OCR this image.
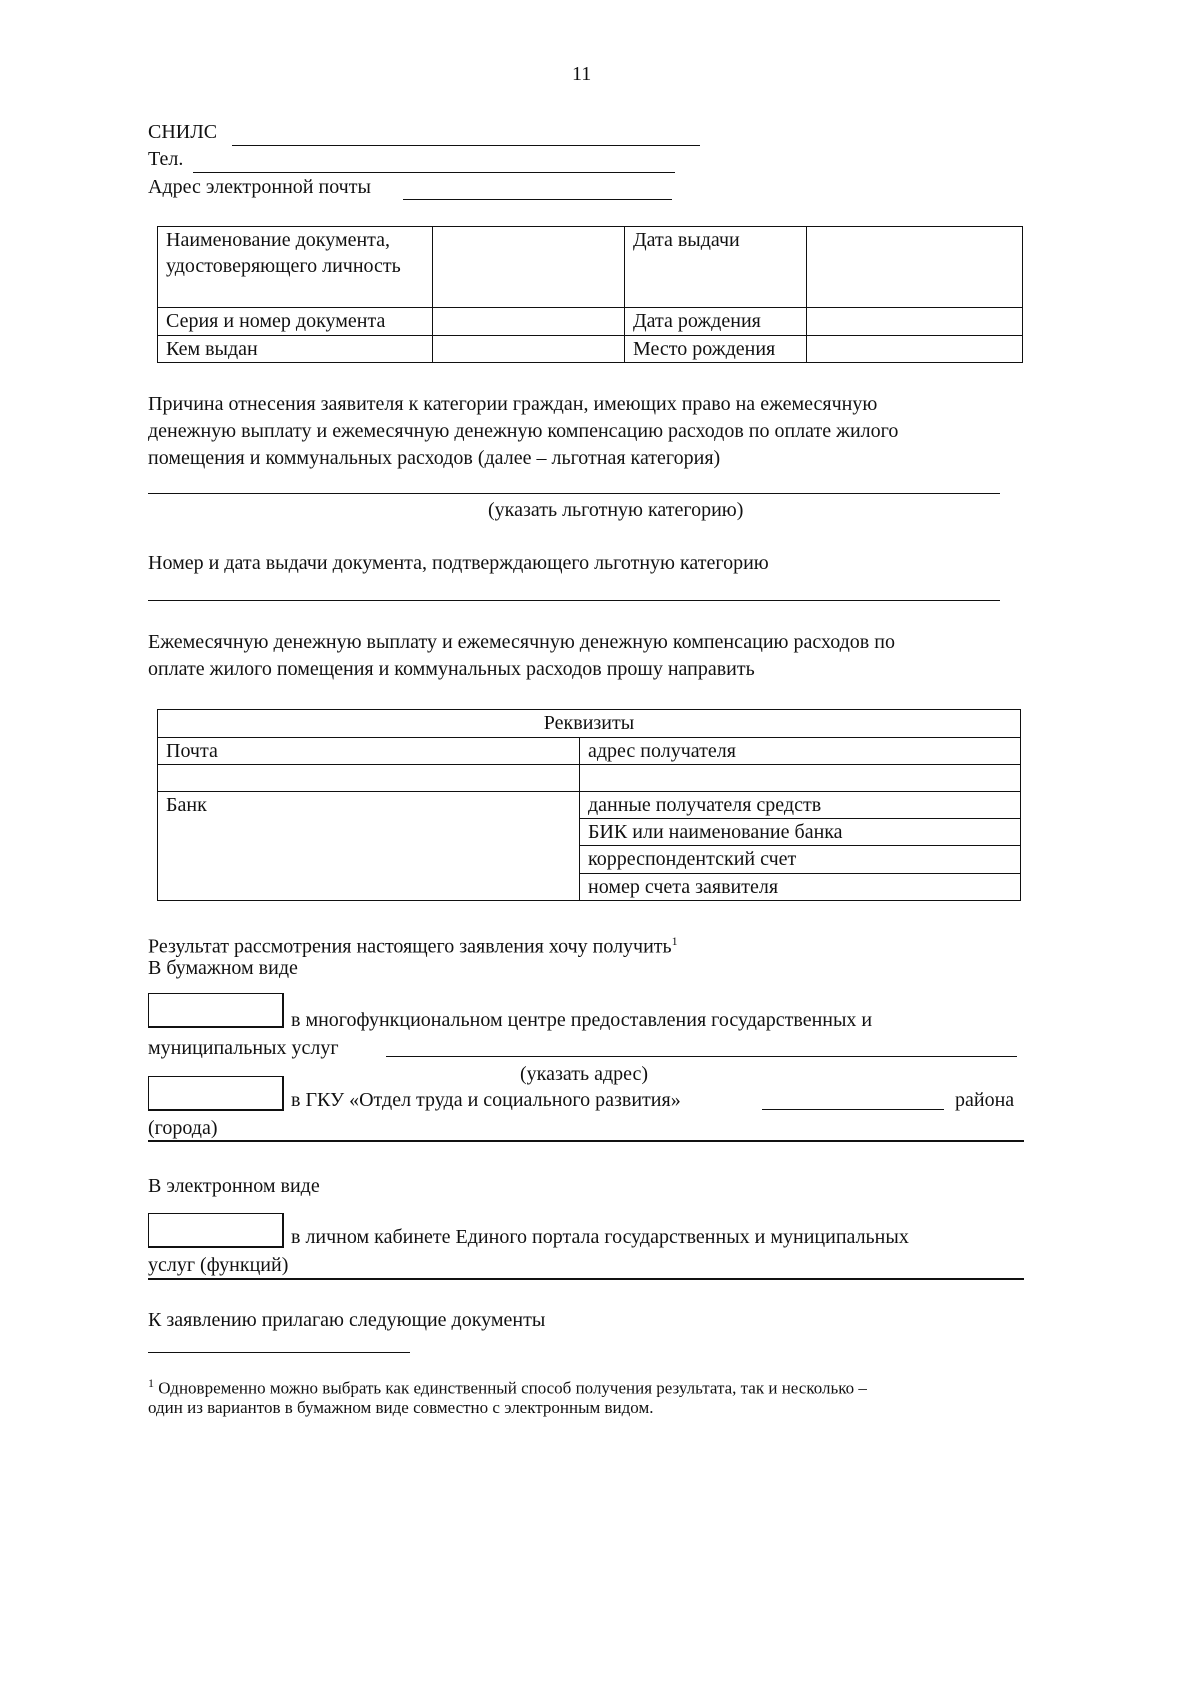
11
СНИЛС
Тел.
Адрес электронной почты
Наименование документа, удостоверяющего личность		Дата выдачи	
Серия и номер документа		Дата рождения	
Кем выдан		Место рождения	
Причина отнесения заявителя к категории граждан, имеющих право на ежемесячную
денежную выплату и ежемесячную денежную компенсацию расходов по оплате жилого
помещения и коммунальных расходов (далее – льготная категория)
(указать льготную категорию)
Номер и дата выдачи документа, подтверждающего льготную категорию
Ежемесячную денежную выплату и ежемесячную денежную компенсацию расходов по
оплате жилого помещения и коммунальных расходов прошу направить
Реквизиты	
Почта	адрес получателя

Банк	данные получателя средств
	БИК или наименование банка
	корреспондентский счет
	номер счета заявителя
Результат рассмотрения настоящего заявления хочу получить$^1$
В бумажном виде
в многофункциональном центре предоставления государственных и
муниципальных услуг
(указать адрес)
в ГКУ «Отдел труда и социального развития»	района
(города)
В электронном виде
в личном кабинете Единого портала государственных и муниципальных
услуг (функций)
К заявлению прилагаю следующие документы
$^1$ Одновременно можно выбрать как единственный способ получения результата, так и несколько –
один из вариантов в бумажном виде совместно с электронным видом.
